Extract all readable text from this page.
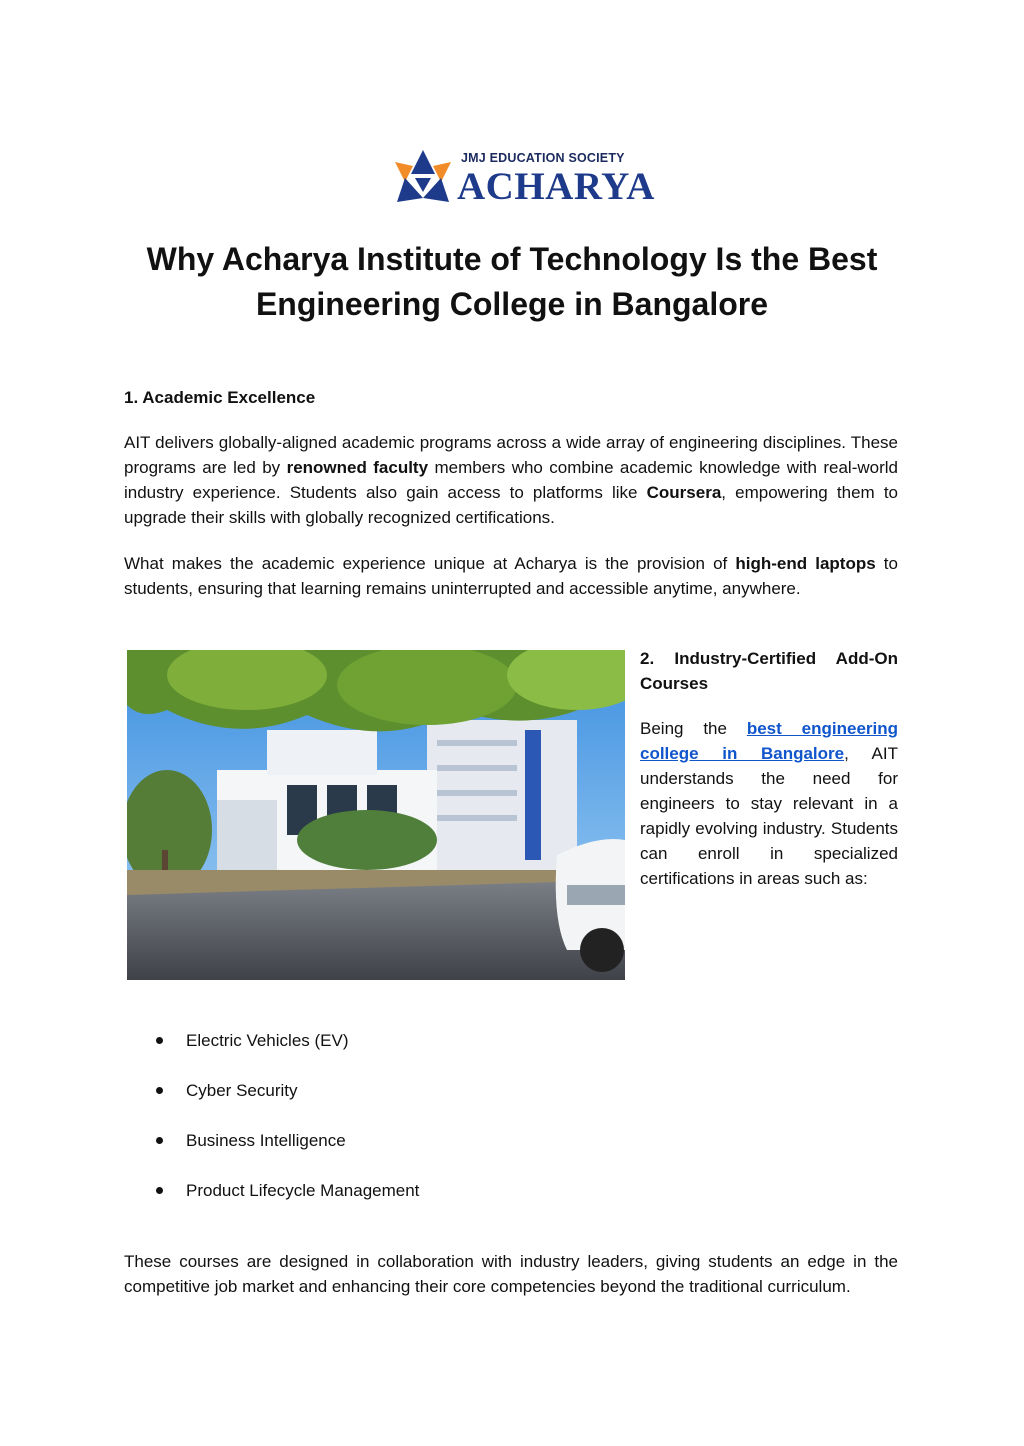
JMJ EDUCATION SOCIETY
ACHARYA
Why Acharya Institute of Technology Is the Best Engineering College in Bangalore
1. Academic Excellence

AIT delivers globally-aligned academic programs across a wide array of engineering disciplines. These programs are led by renowned faculty members who combine academic knowledge with real-world industry experience. Students also gain access to platforms like Coursera, empowering them to upgrade their skills with globally recognized certifications.

What makes the academic experience unique at Acharya is the provision of high-end laptops to students, ensuring that learning remains uninterrupted and accessible anytime, anywhere.

2. Industry-Certified Add-On Courses

Being the best engineering college in Bangalore, AIT understands the need for engineers to stay relevant in a rapidly evolving industry. Students can enroll in specialized certifications in areas such as:

Electric Vehicles (EV)
Cyber Security
Business Intelligence
Product Lifecycle Management

These courses are designed in collaboration with industry leaders, giving students an edge in the competitive job market and enhancing their core competencies beyond the traditional curriculum.
